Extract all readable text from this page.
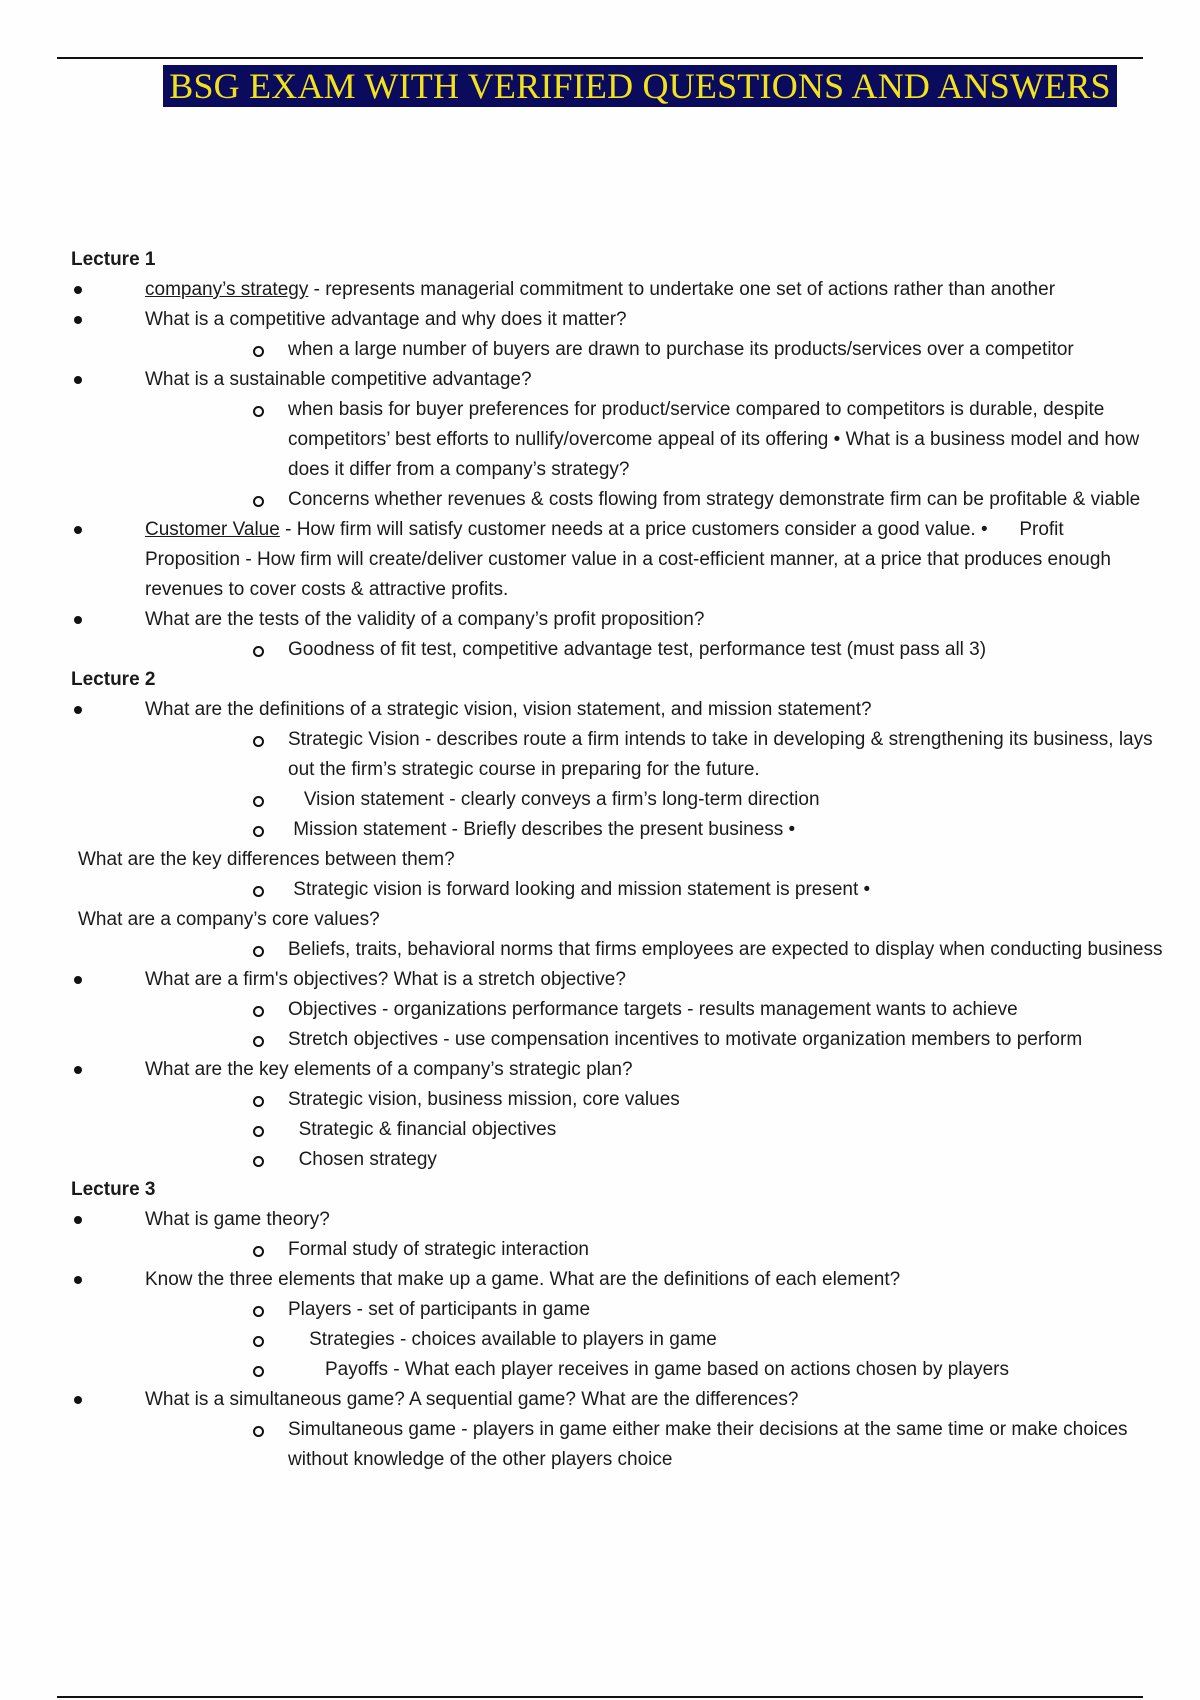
BSG EXAM WITH VERIFIED QUESTIONS AND ANSWERS
Lecture 1
company’s strategy - represents managerial commitment to undertake one set of actions rather than another
What is a competitive advantage and why does it matter?
when a large number of buyers are drawn to purchase its products/services over a competitor
What is a sustainable competitive advantage?
when basis for buyer preferences for product/service compared to competitors is durable, despite competitors’ best efforts to nullify/overcome appeal of its offering • What is a business model and how does it differ from a company’s strategy?
Concerns whether revenues & costs flowing from strategy demonstrate firm can be profitable & viable
Customer Value - How firm will satisfy customer needs at a price customers consider a good value. •      Profit Proposition - How firm will create/deliver customer value in a cost-efficient manner, at a price that produces enough revenues to cover costs & attractive profits.
What are the tests of the validity of a company’s profit proposition?
Goodness of fit test, competitive advantage test, performance test (must pass all 3)
Lecture 2
What are the definitions of a strategic vision, vision statement, and mission statement?
Strategic Vision - describes route a firm intends to take in developing & strengthening its business, lays out the firm’s strategic course in preparing for the future.
Vision statement - clearly conveys a firm’s long-term direction
Mission statement - Briefly describes the present business •
What are the key differences between them?
Strategic vision is forward looking and mission statement is present •
What are a company’s core values?
Beliefs, traits, behavioral norms that firms employees are expected to display when conducting business
What are a firm's objectives? What is a stretch objective?
Objectives - organizations performance targets - results management wants to achieve
Stretch objectives - use compensation incentives to motivate organization members to perform
What are the key elements of a company’s strategic plan?
Strategic vision, business mission, core values
Strategic & financial objectives
Chosen strategy
Lecture 3
What is game theory?
Formal study of strategic interaction
Know the three elements that make up a game. What are the definitions of each element?
Players - set of participants in game
Strategies - choices available to players in game
Payoffs - What each player receives in game based on actions chosen by players
What is a simultaneous game? A sequential game? What are the differences?
Simultaneous game - players in game either make their decisions at the same time or make choices without knowledge of the other players choice
